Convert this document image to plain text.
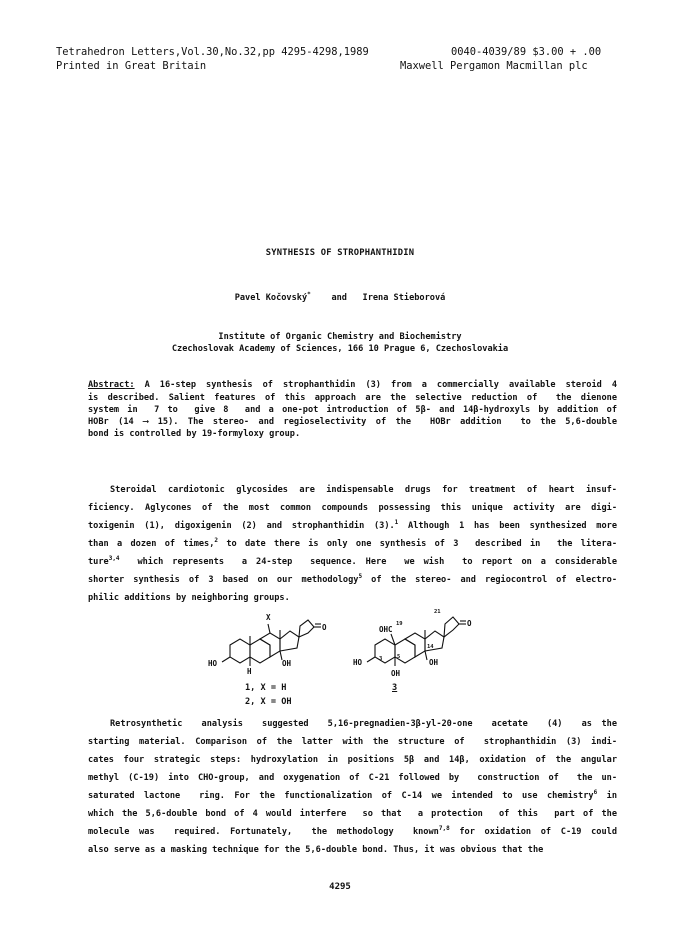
Tetrahedron Letters,Vol.30,No.32,pp 4295-4298,1989	0040-4039/89 $3.00 + .00
Printed in Great Britain	Maxwell Pergamon Macmillan plc
SYNTHESIS OF STROPHANTHIDIN
Pavel Kočovský* and Irena Stieborová
Institute of Organic Chemistry and Biochemistry
Czechoslovak Academy of Sciences, 166 10 Prague 6, Czechoslovakia
Abstract: A 16-step synthesis of strophanthidin (3) from a commercially available steroid 4
is described. Salient features of this approach are the selective reduction of  the dienone
system in  7 to  give 8  and a one-pot introduction of 5β- and 14β-hydroxyls by addition of
HOBr (14 ⟶ 15). The stereo- and regioselectivity of the  HOBr addition  to the 5,6-double
bond is controlled by 19-formyloxy group.
Steroidal cardiotonic glycosides are indispensable drugs for treatment of heart insuf-
ficiency. Aglycones of the most common compounds possessing this unique activity are digi-
toxigenin (1), digoxigenin (2) and strophanthidin (3).$^1$ Although 1 has been synthesized more
than a dozen of times,$^2$ to date there is only one synthesis of 3  described in  the litera-
ture$^{3,4}$  which represents  a 24-step  sequence. Here  we wish  to report on a considerable
shorter synthesis of 3 based on our methodology$^5$ of the stereo- and regiocontrol of electro-
philic additions by neighboring groups.
X
O
HO
H
OH
OHC
19
21
O
HO	3	5
14
OH
OH
1, X = H
2, X = OH
3
Retrosynthetic  analysis  suggested  5,16-pregnadien-3β-yl-20-one  acetate  (4)  as the
starting material. Comparison of the latter with the structure of  strophanthidin (3) indi-
cates four strategic steps: hydroxylation in positions 5β and 14β, oxidation of the angular
methyl (C-19) into CHO-group, and oxygenation of C-21 followed by  construction of  the un-
saturated lactone  ring. For the functionalization of C-14 we intended to use chemistry$^6$ in
which the 5,6-double bond of 4 would interfere  so that  a protection  of this  part of the
molecule was  required. Fortunately,  the methodology  known$^{7,8}$ for oxidation of C-19 could
also serve as a masking technique for the 5,6-double bond. Thus, it was obvious that the
4295
